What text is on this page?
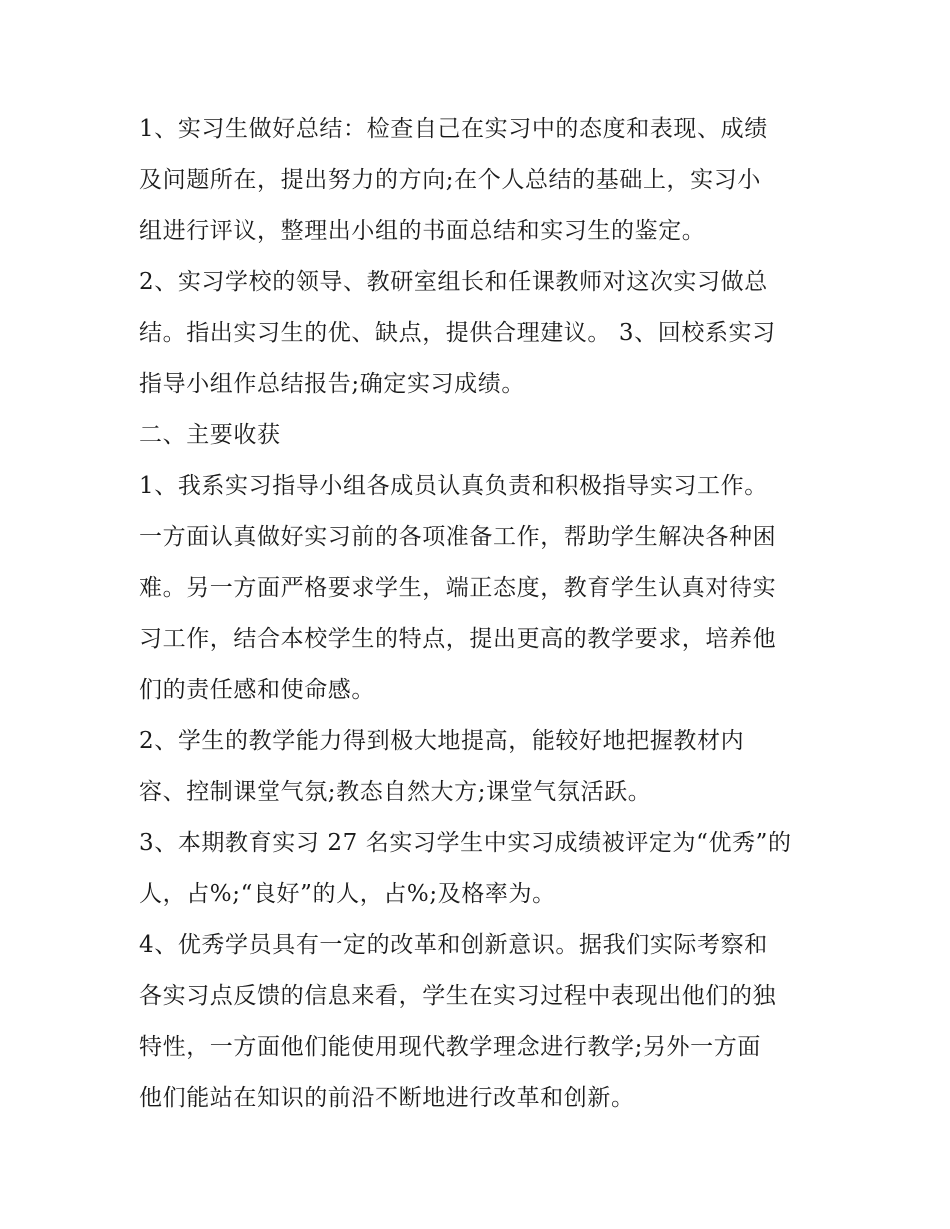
1、实习生做好总结：检查自己在实习中的态度和表现、成绩
及问题所在，提出努力的方向;在个人总结的基础上，实习小
组进行评议，整理出小组的书面总结和实习生的鉴定。
2、实习学校的领导、教研室组长和任课教师对这次实习做总
结。指出实习生的优、缺点，提供合理建议。 3、回校系实习
指导小组作总结报告;确定实习成绩。
二、主要收获
1、我系实习指导小组各成员认真负责和积极指导实习工作。
一方面认真做好实习前的各项准备工作，帮助学生解决各种困
难。另一方面严格要求学生，端正态度，教育学生认真对待实
习工作，结合本校学生的特点，提出更高的教学要求，培养他
们的责任感和使命感。
2、学生的教学能力得到极大地提高，能较好地把握教材内
容、控制课堂气氛;教态自然大方;课堂气氛活跃。
3、本期教育实习 27 名实习学生中实习成绩被评定为“优秀”的
人，占%;“良好”的人，占%;及格率为。
4、优秀学员具有一定的改革和创新意识。据我们实际考察和
各实习点反馈的信息来看，学生在实习过程中表现出他们的独
特性，一方面他们能使用现代教学理念进行教学;另外一方面
他们能站在知识的前沿不断地进行改革和创新。
